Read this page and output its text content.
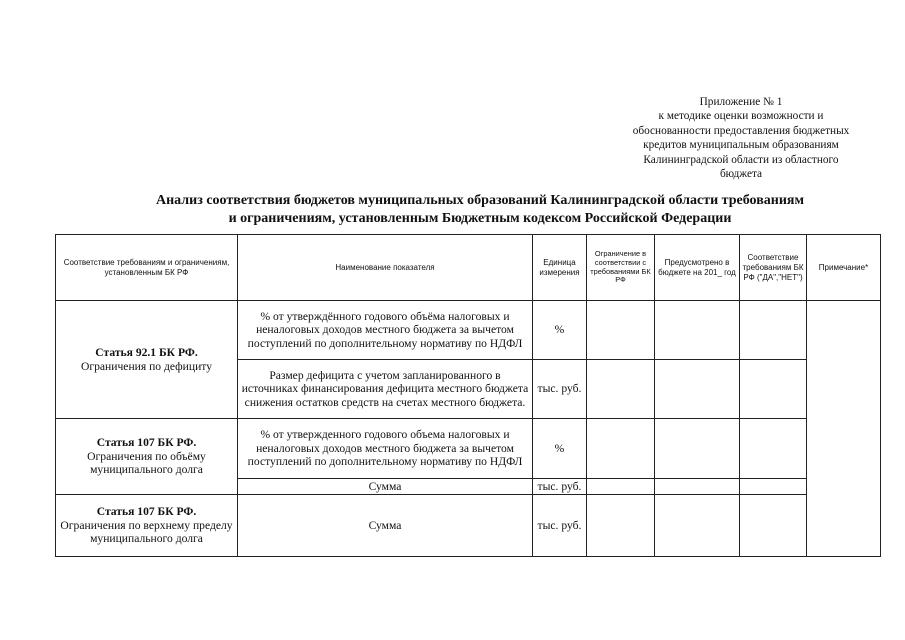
Приложение № 1
к методике оценки возможности и
обоснованности предоставления бюджетных
кредитов муниципальным образованиям
Калининградской области из областного
бюджета
Анализ соответствия бюджетов муниципальных образований Калининградской области требованиям
и ограничениям, установленным Бюджетным кодексом Российской Федерации
Соответствие требованиям и ограничениям, установленным БК РФ	Наименование показателя	Единица измерения	Ограничение в соответствии с требованиями БК РФ	Предусмотрено в бюджете на 201_ год	Соответствие требованиям БК РФ ("ДА","НЕТ")	Примечание*

Статья 92.1 БК РФ.
Ограничения по дефициту	% от утверждённого годового объёма налоговых и неналоговых доходов местного бюджета за вычетом поступлений по дополнительному нормативу по НДФЛ	%				
	Размер дефицита с учетом запланированного в источниках финансирования дефицита местного бюджета снижения остатков средств на счетах местного бюджета.	тыс. руб.				

Статья 107 БК РФ.
Ограничения по объёму муниципального долга	% от утвержденного годового объема налоговых и неналоговых доходов местного бюджета за вычетом поступлений по дополнительному нормативу по НДФЛ	%				
	Сумма	тыс. руб.				

Статья 107 БК РФ.
Ограничения по верхнему пределу муниципального долга	Сумма	тыс. руб.				
